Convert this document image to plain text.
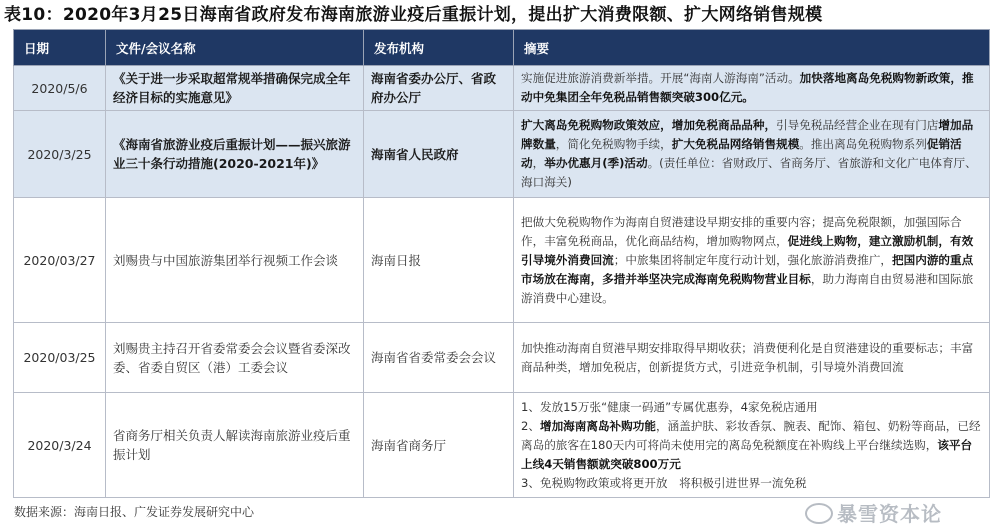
表10：2020年3月25日海南省政府发布海南旅游业疫后重振计划，提出扩大消费限额、扩大网络销售规模
日期	文件/会议名称	发布机构	摘要
2020/5/6	《关于进一步采取超常规举措确保完成全年经济目标的实施意见》	海南省委办公厅、省政府办公厅	实施促进旅游消费新举措。开展“海南人游海南”活动。加快落地离岛免税购物新政策，推动中免集团全年免税品销售额突破300亿元。
2020/3/25	《海南省旅游业疫后重振计划——振兴旅游业三十条行动措施(2020-2021年)》	海南省人民政府	扩大离岛免税购物政策效应，增加免税商品品种，引导免税品经营企业在现有门店增加品牌数量，简化免税购物手续，扩大免税品网络销售规模。推出离岛免税购物系列促销活动，举办优惠月(季)活动。(责任单位：省财政厅、省商务厅、省旅游和文化广电体育厅、海口海关)
2020/03/27	刘赐贵与中国旅游集团举行视频工作会谈	海南日报	把做大免税购物作为海南自贸港建设早期安排的重要内容；提高免税限额，加强国际合作，丰富免税商品，优化商品结构，增加购物网点，促进线上购物，建立激励机制，有效引导境外消费回流；中旅集团将制定年度行动计划，强化旅游消费推广，把国内游的重点市场放在海南，多措并举坚决完成海南免税购物营业目标，助力海南自由贸易港和国际旅游消费中心建设。
2020/03/25	刘赐贵主持召开省委常委会会议暨省委深改委、省委自贸区（港）工委会议	海南省省委常委会会议	加快推动海南自贸港早期安排取得早期收获；消费便利化是自贸港建设的重要标志；丰富商品种类，增加免税店，创新提货方式，引进竞争机制，引导境外消费回流
2020/3/24	省商务厅相关负责人解读海南旅游业疫后重振计划	海南省商务厅	1、发放15万张“健康一码通”专属优惠券，4家免税店通用
2、增加海南离岛补购功能，涵盖护肤、彩妆香氛、腕表、配饰、箱包、奶粉等商品，已经离岛的旅客在180天内可将尚未使用完的离岛免税额度在补购线上平台继续选购，该平台上线4天销售额就突破800万元
3、免税购物政策或将更开放　将积极引进世界一流免税
数据来源：海南日报、广发证券发展研究中心	暴雪资本论
